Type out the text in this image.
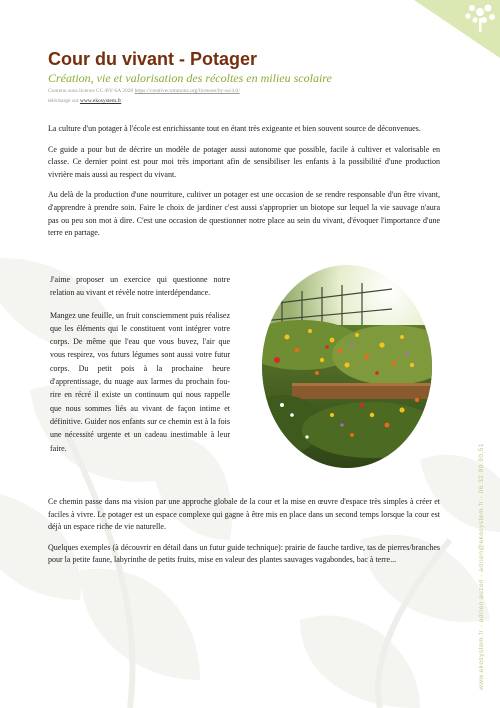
Cour du vivant - Potager
Création, vie et valorisation des récoltes en milieu scolaire
Contenu sous licence CC-BY-SA 2020 https://creativecommons.org/licenses/by-sa/4.0/
téléchargé sur www.ekosystem.fr

La culture d'un potager à l'école est enrichissante tout en étant très exigeante et bien souvent source de déconvenues.

Ce guide a pour but de décrire un modèle de potager aussi autonome que possible, facile à cultiver et valorisable en classe. Ce dernier point est pour moi très important afin de sensibiliser les enfants à la possibilité d'une production vivrière mais aussi au respect du vivant.

Au delà de la production d'une nourriture, cultiver un potager est une occasion de se rendre responsable d'un être vivant, d'apprendre à prendre soin. Faire le choix de jardiner c'est aussi s'approprier un biotope sur lequel la vie sauvage n'aura pas ou peu son mot à dire. C'est une occasion de questionner notre place au sein du vivant, d'évoquer l'importance d'une terre en partage.

J'aime proposer un exercice qui questionne notre relation au vivant et révèle notre interdépendance.

Mangez une feuille, un fruit consciemment puis réalisez que les éléments qui le constituent vont intégrer votre corps. De même que l'eau que vous buvez, l'air que vous respirez, vos futurs légumes sont aussi votre futur corps. Du petit pois à la prochaine heure d'apprentissage, du nuage aux larmes du prochain fou-rire en récré il existe un continuum qui nous rappelle que nous sommes liés au vivant de façon intime et définitive. Guider nos enfants sur ce chemin est à la fois une nécessité urgente et un cadeau inestimable à leur faire.

Ce chemin passe dans ma vision par une approche globale de la cour et la mise en œuvre d'espace très simples à créer et faciles à vivre. Le potager est un espace complexe qui gagne à être mis en place dans un second temps lorsque la cour est déjà un espace riche de vie naturelle.

Quelques exemples (à découvrir en détail dans un futur guide technique): prairie de fauche tardive, tas de pierres/branches pour la petite faune, labyrinthe de petits fruits, mise en valeur des plantes sauvages vagabondes, bac à terre...	www.ekosystem.fr - adrien auzeil - adrien@ekosystem.fr - 06.32.90.90.51
